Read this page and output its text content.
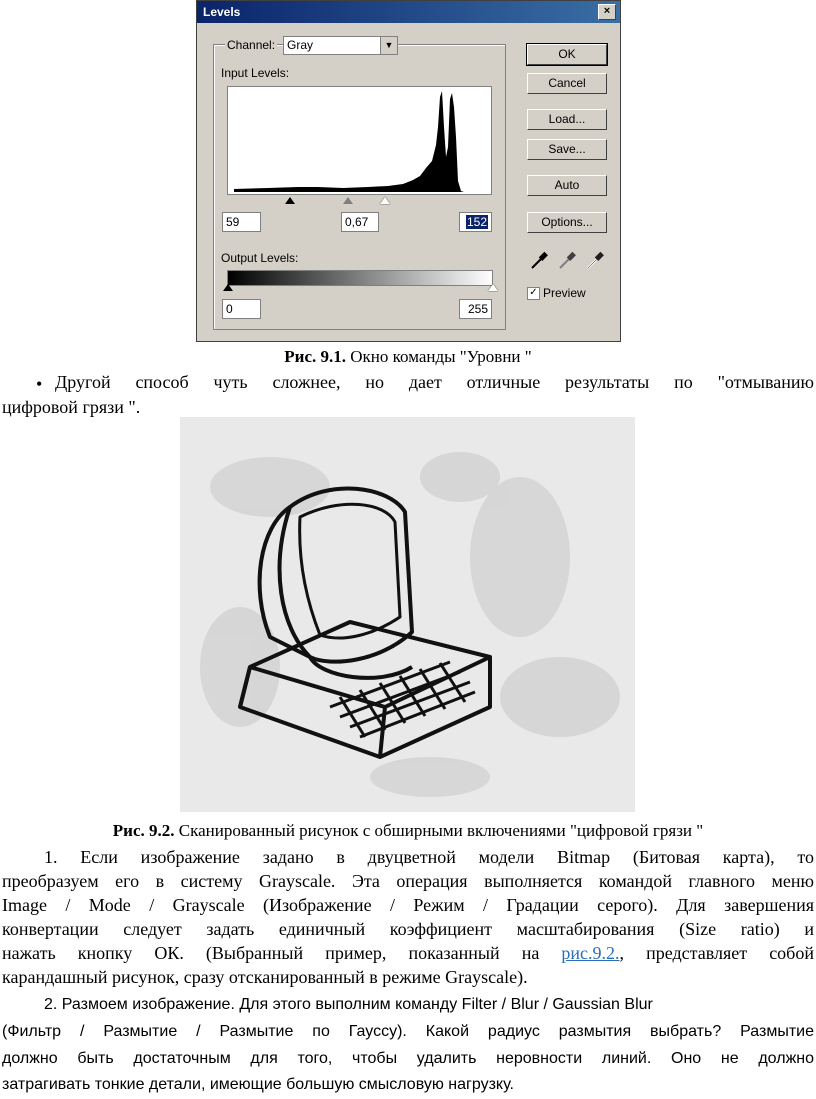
Levels	×
Channel: Gray	▼
Input Levels:
59	0,67	152
Output Levels:
0	255
OK
Cancel
Load...
Save...
Auto
Options...
✓ Preview
Рис. 9.1. Окно команды "Уровни "
• Другой способ чуть сложнее, но дает отличные результаты по "отмыванию
цифровой грязи ".
Рис. 9.2. Сканированный рисунок с обширными включениями "цифровой грязи "
1. Если изображение задано в двуцветной модели Bitmap (Битовая карта), то
преобразуем его в систему Grayscale. Эта операция выполняется командой главного меню
Image / Mode / Grayscale (Изображение / Режим / Градации серого). Для завершения
конвертации следует задать единичный коэффициент масштабирования (Size ratio) и
нажать кнопку ОК. (Выбранный пример, показанный на рис.9.2., представляет собой
карандашный рисунок, сразу отсканированный в режиме Grayscale).
2. Размоем изображение. Для этого выполним команду Filter / Blur / Gaussian Blur
(Фильтр / Размытие / Размытие по Гауссу). Какой радиус размытия выбрать? Размытие
должно быть достаточным для того, чтобы удалить неровности линий. Оно не должно
затрагивать тонкие детали, имеющие большую смысловую нагрузку.
